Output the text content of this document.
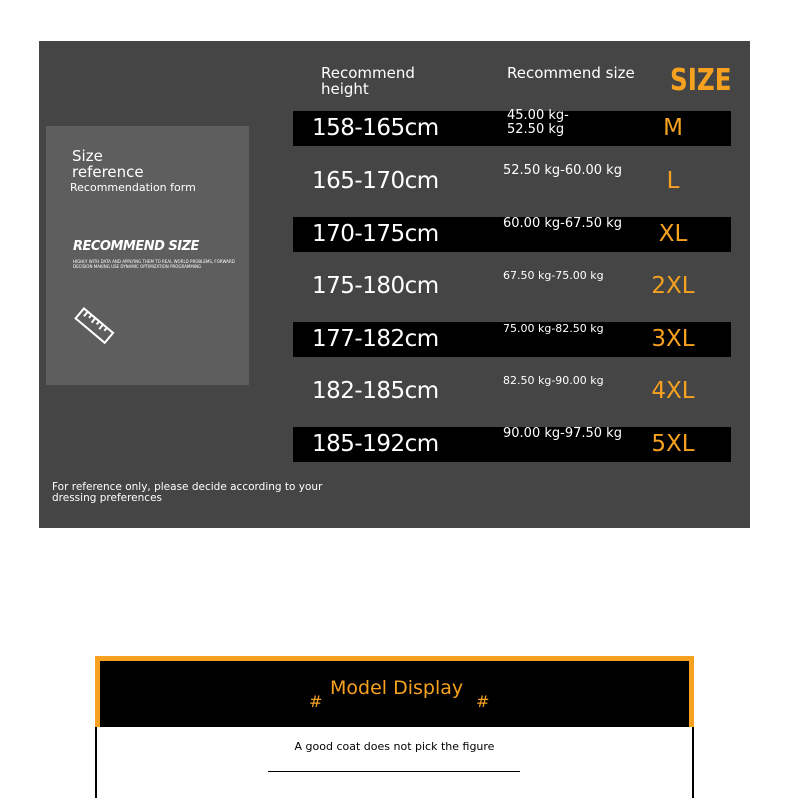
Recommend height
Recommend size SIZE
Size reference
Recommendation form
RECOMMEND SIZE
HIGHLY WITH DATA AND APPLYING THEM TO REAL WORLD PROBLEMS, FORWARD DECISION MAKING USE DYNAMIC OPTIMIZATION PROGRAMMING
158-165cm	45.00 kg-52.50 kg	M
165-170cm	52.50 kg-60.00 kg	L
170-175cm	60.00 kg-67.50 kg	XL
175-180cm	67.50 kg-75.00 kg	2XL
177-182cm	75.00 kg-82.50 kg	3XL
182-185cm	82.50 kg-90.00 kg	4XL
185-192cm	90.00 kg-97.50 kg	5XL
For reference only, please decide according to your dressing preferences
#
Model Display
#
A good coat does not pick the figure
